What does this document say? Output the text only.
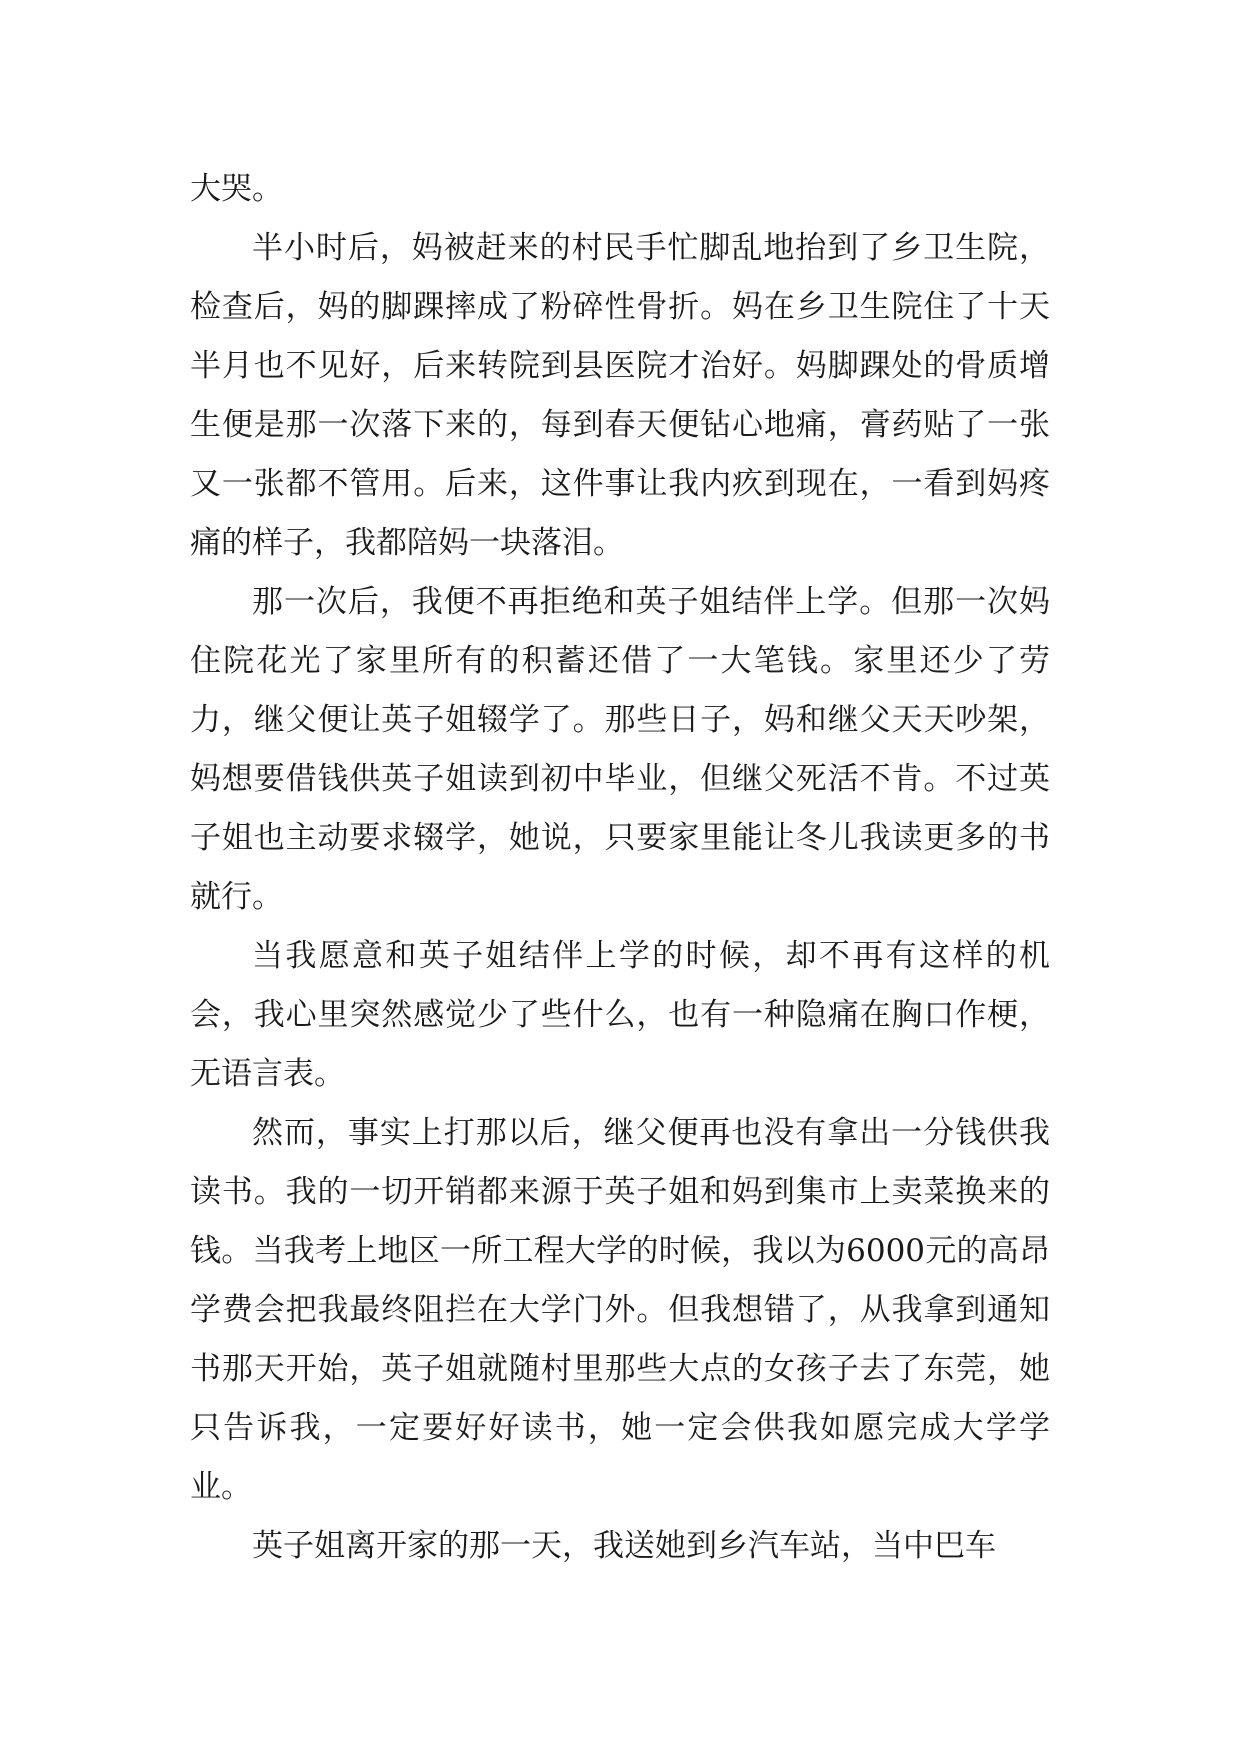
大哭。

半小时后，妈被赶来的村民手忙脚乱地抬到了乡卫生院，检查后，妈的脚踝摔成了粉碎性骨折。妈在乡卫生院住了十天半月也不见好，后来转院到县医院才治好。妈脚踝处的骨质增生便是那一次落下来的，每到春天便钻心地痛，膏药贴了一张又一张都不管用。后来，这件事让我内疚到现在，一看到妈疼痛的样子，我都陪妈一块落泪。

那一次后，我便不再拒绝和英子姐结伴上学。但那一次妈住院花光了家里所有的积蓄还借了一大笔钱。家里还少了劳力，继父便让英子姐辍学了。那些日子，妈和继父天天吵架，妈想要借钱供英子姐读到初中毕业，但继父死活不肯。不过英子姐也主动要求辍学，她说，只要家里能让冬儿我读更多的书就行。

当我愿意和英子姐结伴上学的时候，却不再有这样的机会，我心里突然感觉少了些什么，也有一种隐痛在胸口作梗，无语言表。

然而，事实上打那以后，继父便再也没有拿出一分钱供我读书。我的一切开销都来源于英子姐和妈到集市上卖菜换来的钱。当我考上地区一所工程大学的时候，我以为6000元的高昂学费会把我最终阻拦在大学门外。但我想错了，从我拿到通知书那天开始，英子姐就随村里那些大点的女孩子去了东莞，她只告诉我，一定要好好读书，她一定会供我如愿完成大学学业。

英子姐离开家的那一天，我送她到乡汽车站，当中巴车
